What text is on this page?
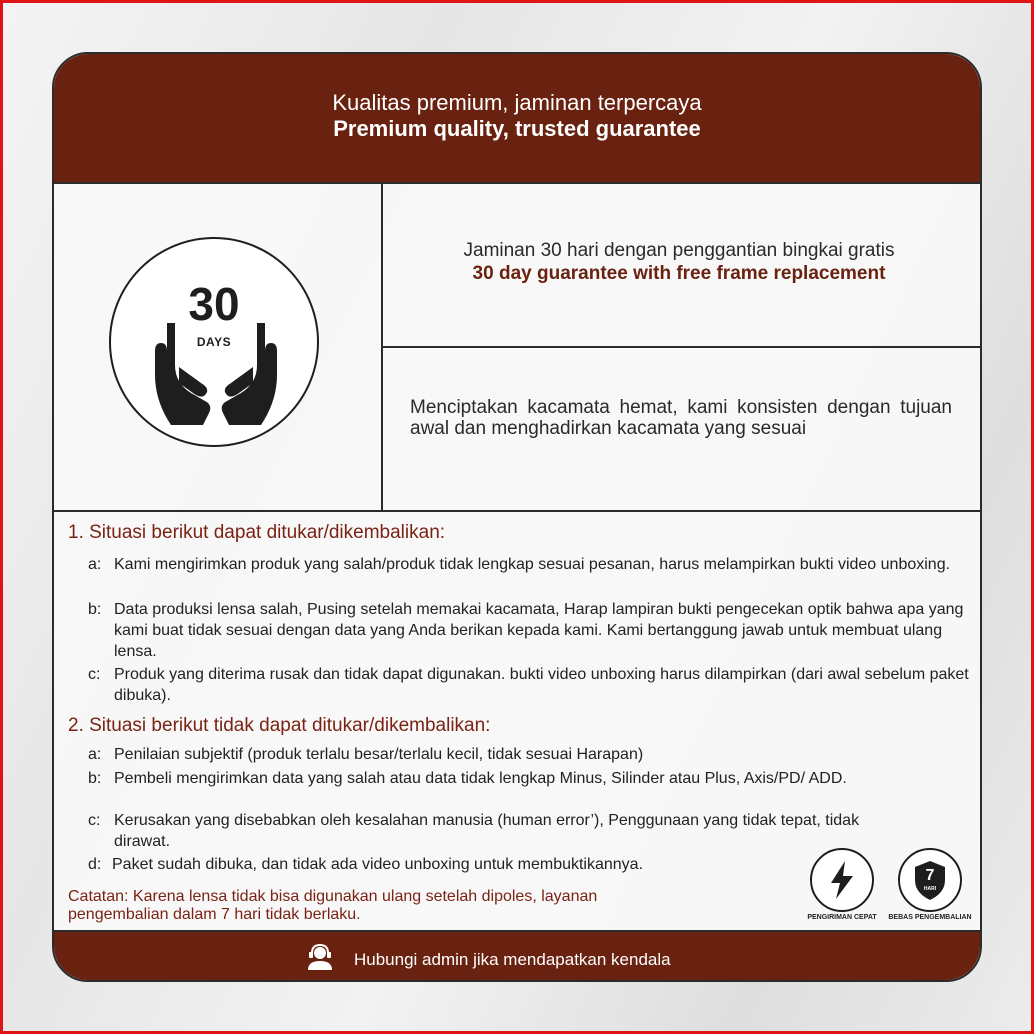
Kualitas premium, jaminan terpercaya
Premium quality, trusted guarantee
30
DAYS
Jaminan 30 hari dengan penggantian bingkai gratis
30 day guarantee with free frame replacement
Menciptakan kacamata hemat, kami konsisten dengan tujuan awal dan menghadirkan kacamata yang sesuai
1. Situasi berikut dapat ditukar/dikembalikan:
a: Kami mengirimkan produk yang salah/produk tidak lengkap sesuai pesanan, harus melampirkan bukti video unboxing.
b: Data produksi lensa salah, Pusing setelah memakai kacamata, Harap lampiran bukti pengecekan optik bahwa apa yang kami buat tidak sesuai dengan data yang Anda berikan kepada kami. Kami bertanggung jawab untuk membuat ulang lensa.
c: Produk yang diterima rusak dan tidak dapat digunakan. bukti video unboxing harus dilampirkan (dari awal sebelum paket dibuka).
2. Situasi berikut tidak dapat ditukar/dikembalikan:
a: Penilaian subjektif (produk terlalu besar/terlalu kecil, tidak sesuai Harapan)
b: Pembeli mengirimkan data yang salah atau data tidak lengkap Minus, Silinder atau Plus, Axis/PD/ ADD.
c: Kerusakan yang disebabkan oleh kesalahan manusia (human error’), Penggunaan yang tidak tepat, tidak dirawat.
d: Paket sudah dibuka, dan tidak ada video unboxing untuk membuktikannya.
Catatan: Karena lensa tidak bisa digunakan ulang setelah dipoles, layanan pengembalian dalam 7 hari tidak berlaku.	PENGIRIMAN CEPAT
7
HARI
BEBAS PENGEMBALIAN
Hubungi admin jika mendapatkan kendala
